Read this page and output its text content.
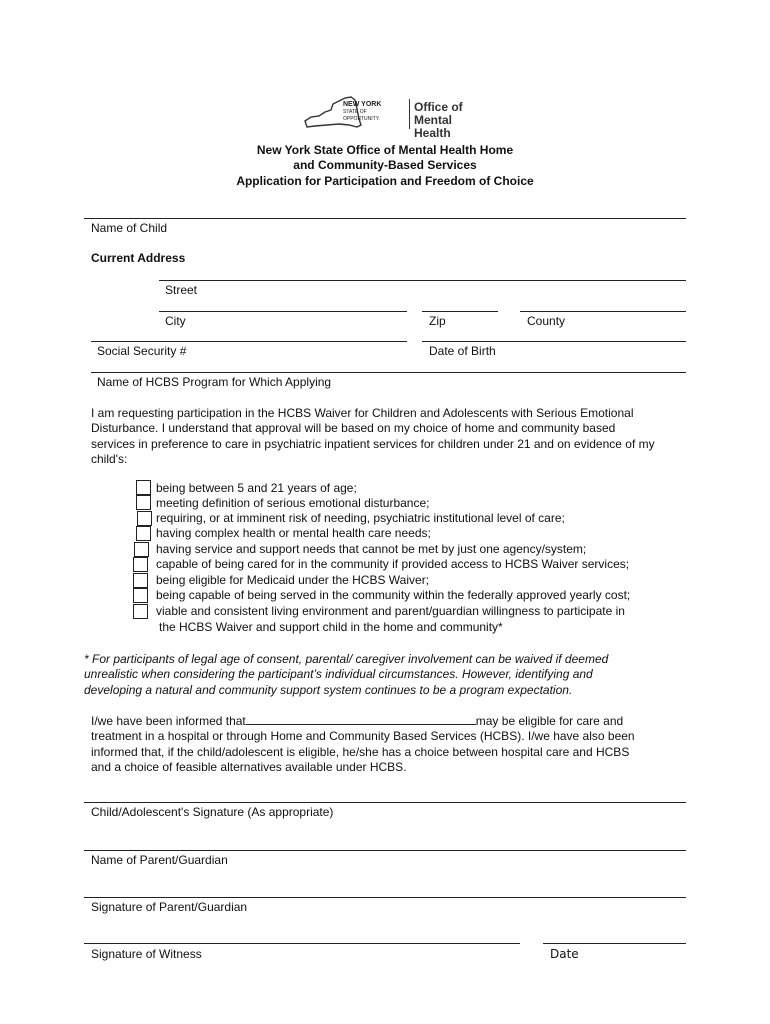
NEW YORK
STATE OF
OPPORTUNITY.
Office of
Mental Health
New York State Office of Mental Health Home
and Community-Based Services
Application for Participation and Freedom of Choice
Name of Child
Current Address
Street
City	Zip	County
Social Security #	Date of Birth
Name of HCBS Program for Which Applying
I am requesting participation in the HCBS Waiver for Children and Adolescents with Serious Emotional
Disturbance. I understand that approval will be based on my choice of home and community based
services in preference to care in psychiatric inpatient services for children under 21 and on evidence of my
child's:
being between 5 and 21 years of age;
meeting definition of serious emotional disturbance;
requiring, or at imminent risk of needing, psychiatric institutional level of care;
having complex health or mental health care needs;
having service and support needs that cannot be met by just one agency/system;
capable of being cared for in the community if provided access to HCBS Waiver services;
being eligible for Medicaid under the HCBS Waiver;
being capable of being served in the community within the federally approved yearly cost;
viable and consistent living environment and parent/guardian willingness to participate in
the HCBS Waiver and support child in the home and community*
* For participants of legal age of consent, parental/ caregiver involvement can be waived if deemed
unrealistic when considering the participant’s individual circumstances. However, identifying and
developing a natural and community support system continues to be a program expectation.
I/we have been informed that	may be eligible for care and
treatment in a hospital or through Home and Community Based Services (HCBS). I/we have also been
informed that, if the child/adolescent is eligible, he/she has a choice between hospital care and HCBS
and a choice of feasible alternatives available under HCBS.
Child/Adolescent's Signature (As appropriate)
Name of Parent/Guardian
Signature of Parent/Guardian
Signature of Witness	Date
